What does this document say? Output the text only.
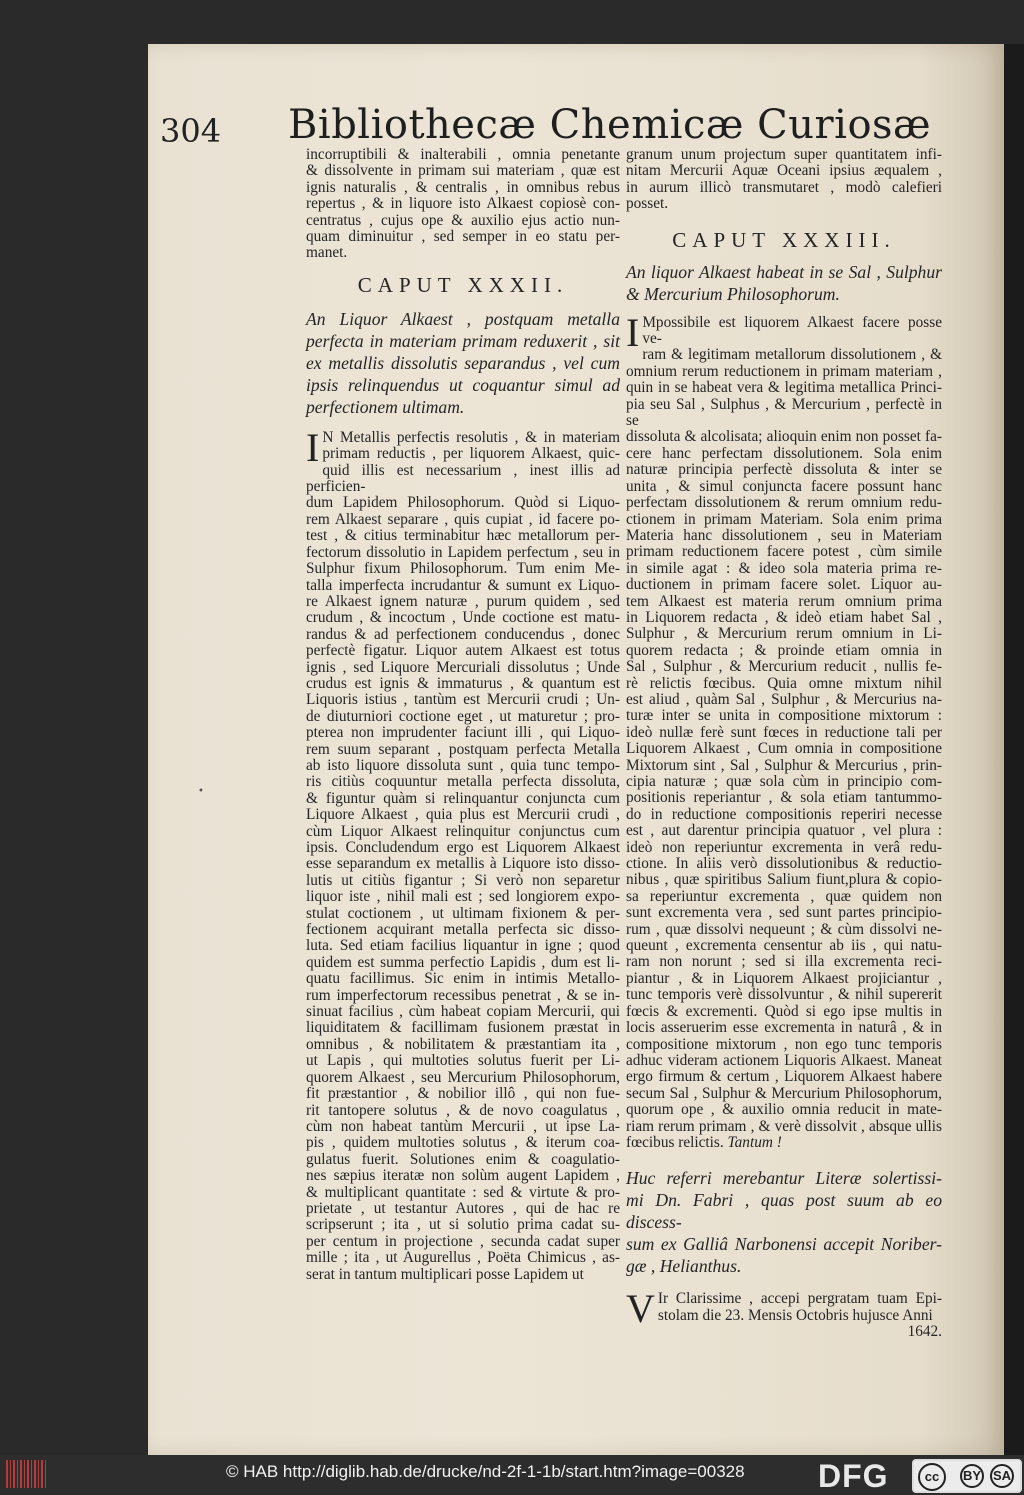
304 Bibliothecæ Chemicæ Curiosæ

incorruptibili & inalterabili , omnia penetante

& dissolvente in primam sui materiam , quæ est

ignis naturalis , & centralis , in omnibus rebus

repertus , & in liquore isto Alkaest copiosè con-

centratus , cujus ope & auxilio ejus actio nun-

quam diminuitur , sed semper in eo statu per-

manet.

CAPUT XXXII.

An Liquor Alkaest , postquam metalla

perfecta in materiam primam reduxerit , sit

ex metallis dissolutis separandus , vel cum

ipsis relinquendus ut coquantur simul ad

perfectionem ultimam.

I N Metallis perfectis resolutis , & in materiam

primam reductis , per liquorem Alkaest, quic-

quid illis est necessarium , inest illis ad perficien-

dum Lapidem Philosophorum. Quòd si Liquo-

rem Alkaest separare , quis cupiat , id facere po-

test , & citius terminabitur hæc metallorum per-

fectorum dissolutio in Lapidem perfectum , seu in

Sulphur fixum Philosophorum. Tum enim Me-

talla imperfecta incrudantur & sumunt ex Liquo-

re Alkaest ignem naturæ , purum quidem , sed

crudum , & incoctum , Unde coctione est matu-

randus & ad perfectionem conducendus , donec

perfectè figatur. Liquor autem Alkaest est totus

ignis , sed Liquore Mercuriali dissolutus ; Unde

crudus est ignis & immaturus , & quantum est

Liquoris istius , tantùm est Mercurii crudi ; Un-

de diuturniori coctione eget , ut maturetur ; pro-

pterea non imprudenter faciunt illi , qui Liquo-

rem suum separant , postquam perfecta Metalla

ab isto liquore dissoluta sunt , quia tunc tempo-

ris citiùs coquuntur metalla perfecta dissoluta,

& figuntur quàm si relinquantur conjuncta cum

Liquore Alkaest , quia plus est Mercurii crudi ,

cùm Liquor Alkaest relinquitur conjunctus cum

ipsis. Concludendum ergo est Liquorem Alkaest

esse separandum ex metallis à Liquore isto disso-

lutis ut citiùs figantur ; Si verò non separetur

liquor iste , nihil mali est ; sed longiorem expo-

stulat coctionem , ut ultimam fixionem & per-

fectionem acquirant metalla perfecta sic disso-

luta. Sed etiam facilius liquantur in igne ; quod

quidem est summa perfectio Lapidis , dum est li-

quatu facillimus. Sic enim in intimis Metallo-

rum imperfectorum recessibus penetrat , & se in-

sinuat facilius , cùm habeat copiam Mercurii, qui

liquiditatem & facillimam fusionem præstat in

omnibus , & nobilitatem & præstantiam ita ,

ut Lapis , qui multoties solutus fuerit per Li-

quorem Alkaest , seu Mercurium Philosophorum,

fit præstantior , & nobilior illô , qui non fue-

rit tantopere solutus , & de novo coagulatus ,

cùm non habeat tantùm Mercurii , ut ipse La-

pis , quidem multoties solutus , & iterum coa-

gulatus fuerit. Solutiones enim & coagulatio-

nes sæpius iteratæ non solùm augent Lapidem ,

& multiplicant quantitate : sed & virtute & pro-

prietate , ut testantur Autores , qui de hac re

scripserunt ; ita , ut si solutio prima cadat su-

per centum in projectione , secunda cadat super

mille ; ita , ut Augurellus , Poëta Chimicus , as-

serat in tantum multiplicari posse Lapidem ut

•

granum unum projectum super quantitatem infi-

nitam Mercurii Aquæ Oceani ipsius æqualem ,

in aurum illicò transmutaret , modò calefieri

posset.

CAPUT XXXIII.

An liquor Alkaest habeat in se Sal , Sulphur

& Mercurium Philosophorum.

I Mpossibile est liquorem Alkaest facere posse ve-

ram & legitimam metallorum dissolutionem , &

omnium rerum reductionem in primam materiam ,

quin in se habeat vera & legitima metallica Princi-

pia seu Sal , Sulphus , & Mercurium , perfectè in se

dissoluta & alcolisata; alioquin enim non posset fa-

cere hanc perfectam dissolutionem. Sola enim

naturæ principia perfectè dissoluta & inter se

unita , & simul conjuncta facere possunt hanc

perfectam dissolutionem & rerum omnium redu-

ctionem in primam Materiam. Sola enim prima

Materia hanc dissolutionem , seu in Materiam

primam reductionem facere potest , cùm simile

in simile agat : & ideo sola materia prima re-

ductionem in primam facere solet. Liquor au-

tem Alkaest est materia rerum omnium prima

in Liquorem redacta , & ideò etiam habet Sal ,

Sulphur , & Mercurium rerum omnium in Li-

quorem redacta ; & proinde etiam omnia in

Sal , Sulphur , & Mercurium reducit , nullis fe-

rè relictis fœcibus. Quia omne mixtum nihil

est aliud , quàm Sal , Sulphur , & Mercurius na-

turæ inter se unita in compositione mixtorum :

ideò nullæ ferè sunt fœces in reductione tali per

Liquorem Alkaest , Cum omnia in compositione

Mixtorum sint , Sal , Sulphur & Mercurius , prin-

cipia naturæ ; quæ sola cùm in principio com-

positionis reperiantur , & sola etiam tantummo-

do in reductione compositionis reperiri necesse

est , aut darentur principia quatuor , vel plura :

ideò non reperiuntur excrementa in verâ redu-

ctione. In aliis verò dissolutionibus & reductio-

nibus , quæ spiritibus Salium fiunt,plura & copio-

sa reperiuntur excrementa , quæ quidem non

sunt excrementa vera , sed sunt partes principio-

rum , quæ dissolvi nequeunt ; & cùm dissolvi ne-

queunt , excrementa censentur ab iis , qui natu-

ram non norunt ; sed si illa excrementa reci-

piantur , & in Liquorem Alkaest projiciantur ,

tunc temporis verè dissolvuntur , & nihil supererit

fœcis & excrementi. Quòd si ego ipse multis in

locis asseruerim esse excrementa in naturâ , & in

compositione mixtorum , non ego tunc temporis

adhuc videram actionem Liquoris Alkaest. Maneat

ergo firmum & certum , Liquorem Alkaest habere

secum Sal , Sulphur & Mercurium Philosophorum,

quorum ope , & auxilio omnia reducit in mate-

riam rerum primam , & verè dissolvit , absque ullis

fœcibus relictis. Tantum !

Huc referri merebantur Literæ solertissi-

mi Dn. Fabri , quas post suum ab eo discess-

sum ex Galliâ Narbonensi accepit Noriber-

gæ , Helianthus.

V Ir Clarissime , accepi pergratam tuam Epi-

stolam die 23. Mensis Octobris hujusce Anni

1642.

© HAB http://diglib.hab.de/drucke/nd-2f-1-1b/start.htm?image=00328 DFG	cc	BY SA
